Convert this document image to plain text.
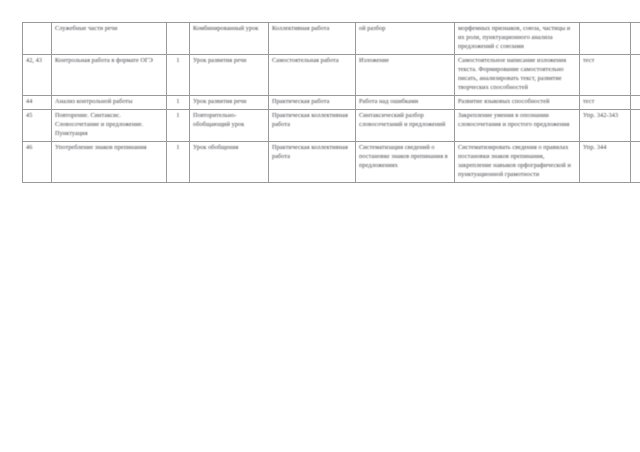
	Служебные части речи		Комбинированный урок	Коллективная работа	ой разбор	морфемных признаков, союза, частицы и их роли, пунктуационного анализа предложений с союзами			

42, 43	Контрольная работа в формате ОГЭ	1	Урок развития речи	Самостоятельная работа	Изложение	Самостоятельное написание изложения текста. Формирование самостоятельно писать, анализировать текст, развитие творческих способностей	тест		

44	Анализ контрольной работы	1	Урок развития речи	Практическая работа	Работа над ошибками	Развитие языковых способностей	тест		

45	Повторение. Синтаксис. Словосочетание и предложение. Пунктуация	1	Повторительно-обобщающий урок	Практическая коллективная работа	Синтаксический разбор словосочетаний и предложений	Закрепление умения в опознании словосочетания и простого предложения	Упр. 342-343		

46	Употребление знаков препинания	1	Урок обобщения	Практическая коллективная работа	Систематизация сведений о постановке знаков препинания в предложениях	Систематизировать сведения о правилах постановки знаков препинания, закрепление навыков орфографической и пунктуационной грамотности	Упр. 344		
